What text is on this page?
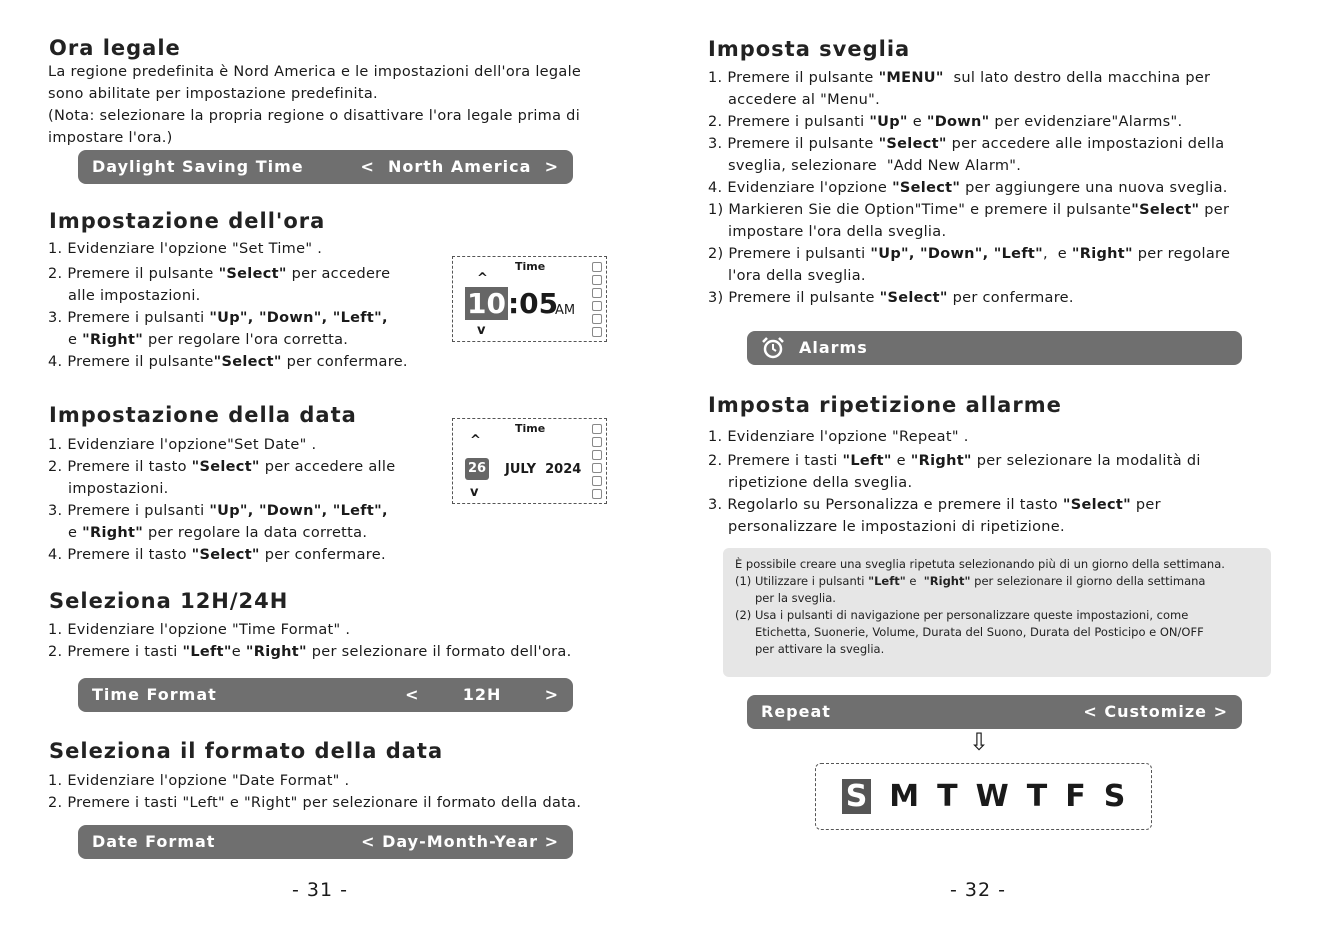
Ora legale
La regione predefinita è Nord America e le impostazioni dell'ora legale
sono abilitate per impostazione predefinita.
(Nota: selezionare la propria regione o disattivare l'ora legale prima di
impostare l'ora.)
Daylight Saving Time	<  North America  >
Impostazione dell'ora
1. Evidenziare l'opzione "Set Time" .
2. Premere il pulsante "Select" per accedere
alle impostazioni.
3. Premere i pulsanti "Up", "Down", "Left",
e "Right" per regolare l'ora corretta.
4. Premere il pulsante"Select" per confermare.
Time
^
10:05
AM
v
Impostazione della data
1. Evidenziare l'opzione"Set Date" .
2. Premere il tasto "Select" per accedere alle
impostazioni.
3. Premere i pulsanti "Up", "Down", "Left",
e "Right" per regolare la data corretta.
4. Premere il tasto "Select" per confermare.
Time
^
26 JULY  2024
v
Seleziona 12H/24H
1. Evidenziare l'opzione "Time Format" .
2. Premere i tasti "Left"e "Right" per selezionare il formato dell'ora.
Time Format	<	12H	>
Seleziona il formato della data
1. Evidenziare l'opzione "Date Format" .
2. Premere i tasti "Left" e "Right" per selezionare il formato della data.
Date Format	< Day-Month-Year >
- 31 -
Imposta sveglia
1. Premere il pulsante "MENU"  sul lato destro della macchina per
accedere al "Menu".
2. Premere i pulsanti "Up" e "Down" per evidenziare"Alarms".
3. Premere il pulsante "Select" per accedere alle impostazioni della
sveglia, selezionare  "Add New Alarm".
4. Evidenziare l'opzione "Select" per aggiungere una nuova sveglia.
1) Markieren Sie die Option"Time" e premere il pulsante"Select" per
impostare l'ora della sveglia.
2) Premere i pulsanti "Up", "Down", "Left",  e "Right" per regolare
l'ora della sveglia.
3) Premere il pulsante "Select" per confermare.
Alarms
Imposta ripetizione allarme
1. Evidenziare l'opzione "Repeat" .
2. Premere i tasti "Left" e "Right" per selezionare la modalità di
ripetizione della sveglia.
3. Regolarlo su Personalizza e premere il tasto "Select" per
personalizzare le impostazioni di ripetizione.
È possibile creare una sveglia ripetuta selezionando più di un giorno della settimana.
(1) Utilizzare i pulsanti "Left" e  "Right" per selezionare il giorno della settimana
per la sveglia.
(2) Usa i pulsanti di navigazione per personalizzare queste impostazioni, come
Etichetta, Suonerie, Volume, Durata del Suono, Durata del Posticipo e ON/OFF
per attivare la sveglia.
Repeat	< Customize >
⇩
S M T W T F S
- 32 -
